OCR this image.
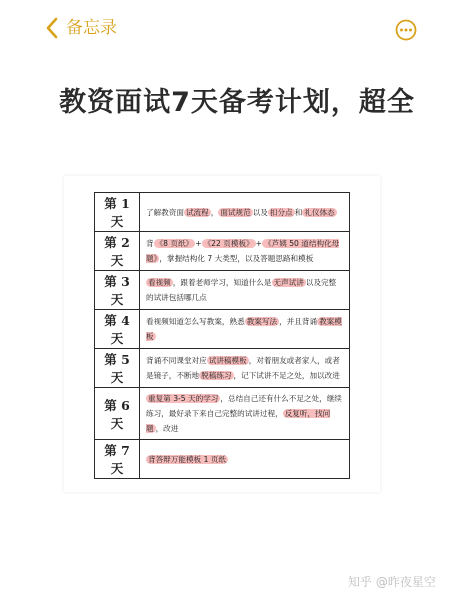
备忘录
教资面试7天备考计划，超全
第 1 天	了解教资面 试流程 ， 面试规范 以及 扣分点 和 礼仪体态
第 2 天	背 《8 页纸》 + 《22 页模板》 + 《芦姨 50 道结构化母题》 ，掌握结构化 7 大类型，以及答题思路和模板
第 3 天	看视频 ，跟着老师学习，知道什么是 无声试讲 以及完整的试讲包括哪几点
第 4 天	看视频知道怎么写教案，熟悉 教案写法 ，并且背诵 教案模板
第 5 天	背诵不同课堂对应 试讲稿模板 ，对着朋友或者家人，或者是镜子，不断地 脱稿练习 ，记下试讲不足之处，加以改进
第 6 天	重复第 3-5 天的学习 ，总结自己还有什么不足之处，继续练习，最好录下来自己完整的试讲过程， 反复听，找问题 ，改进
第 7 天	背答辩万能模板 1 页纸
知乎 @昨夜星空
